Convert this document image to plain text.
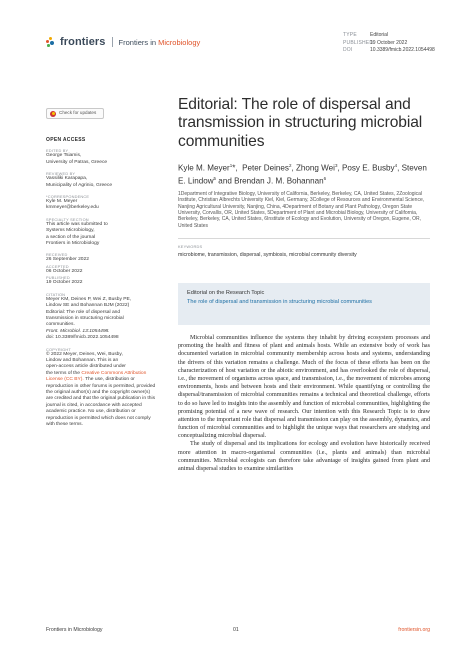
frontiers Frontiers in Microbiology
TYPE	Editorial
PUBLISHED19 October 2022
DOI	10.3389/fmicb.2022.1054498
Check for updates
OPEN ACCESS
EDITED BY
George Tsiamis,
University of Patras, Greece
REVIEWED BY
Vassiliki Karapapa,
Municipality of Agrinio, Greece
*CORRESPONDENCE
Kyle M. Meyer
kmmeyer@berkeley.edu
SPECIALTY SECTION
This article was submitted to
Systems Microbiology,
a section of the journal
Frontiers in Microbiology
RECEIVED
26 September 2022
ACCEPTED
06 October 2022
PUBLISHED
19 October 2022
CITATION
Meyer KM, Deines P, Wei Z, Busby PE,
Lindow SE and Bohannan BJM (2022)
Editorial: The role of dispersal and
transmission in structuring microbial
communities.
Front. Microbiol. 13:1054498.
doi: 10.3389/fmicb.2022.1054498
COPYRIGHT
© 2022 Meyer, Deines, Wei, Busby,
Lindow and Bohannan. This is an
open-access article distributed under
the terms of the Creative Commons Attribution License (CC BY). The use, distribution or reproduction in other forums is permitted, provided the original author(s) and the copyright owner(s) are credited and that the original publication in this journal is cited, in accordance with accepted academic practice. No use, distribution or reproduction is permitted which does not comply with these terms.
Editorial: The role of dispersal and transmission in structuring microbial communities
Kyle M. Meyer$^1$*,  Peter Deines$^2$, Zhong Wei$^3$, Posy E. Busby$^4$, Steven E. Lindow$^5$ and Brendan J. M. Bohannan$^6$
1Department of Integrative Biology, University of California, Berkeley, Berkeley, CA, United States, 2Zoological Institute, Christian Albrechts University Kiel, Kiel, Germany, 3College of Resources and Environmental Science, Nanjing Agricultural University, Nanjing, China, 4Department of Botany and Plant Pathology, Oregon State University, Corvallis, OR, United States, 5Department of Plant and Microbial Biology, University of California, Berkeley, Berkeley, CA, United States, 6Institute of Ecology and Evolution, University of Oregon, Eugene, OR, United States
KEYWORDS
microbiome, transmission, dispersal, symbiosis, microbial community diversity
Editorial on the Research Topic
The role of dispersal and transmission in structuring microbial communities

Microbial communities influence the systems they inhabit by driving ecosystem processes and promoting the health and fitness of plant and animals hosts. While an extensive body of work has documented variation in microbial community membership across hosts and systems, understanding the drivers of this variation remains a challenge. Much of the focus of these efforts has been on the characterization of host variation or the abiotic environment, and has overlooked the role of dispersal, i.e., the movement of organisms across space, and transmission, i.e., the movement of microbes among environments, hosts and between hosts and their environment. While quantifying or controlling the dispersal/transmission of microbial communities remains a technical and theoretical challenge, efforts to do so have led to insights into the assembly and function of microbial communities, highlighting the promising potential of a new wave of research. Our intention with this Research Topic is to draw attention to the important role that dispersal and transmission can play on the assembly, dynamics, and function of microbial communities and to highlight the unique ways that researchers are studying and conceptualizing microbial dispersal.

The study of dispersal and its implications for ecology and evolution have historically received more attention in macro-organismal communities (i.e., plants and animals) than microbial communities. Microbial ecologists can therefore take advantage of insights gained from plant and animal dispersal studies to examine similarities

Frontiers in Microbiology	01	frontiersin.org
